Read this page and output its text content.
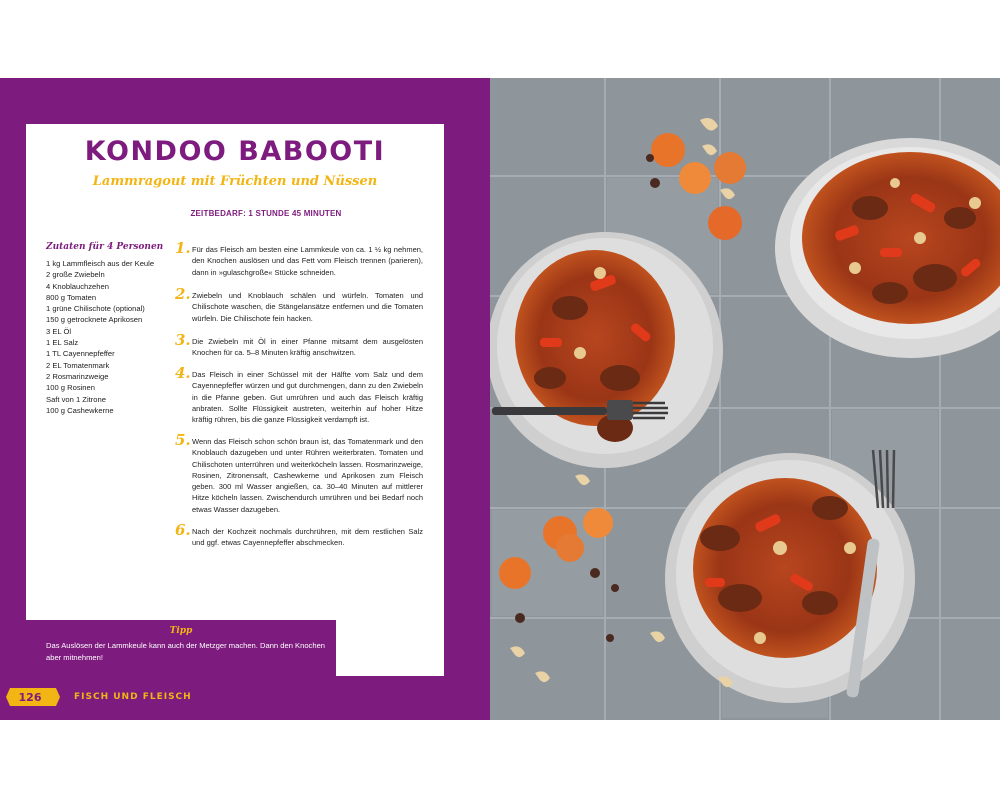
KONDOO BABOOTI
Lammragout mit Früchten und Nüssen
ZEITBEDARF: 1 STUNDE 45 MINUTEN
Zutaten für 4 Personen
1 kg Lammfleisch aus der Keule
2 große Zwiebeln
4 Knoblauchzehen
800 g Tomaten
1 grüne Chilischote (optional)
150 g getrocknete Aprikosen
3 EL Öl
1 EL Salz
1 TL Cayennepfeffer
2 EL Tomatenmark
2 Rosmarinzweige
100 g Rosinen
Saft von 1 Zitrone
100 g Cashewkerne
1. Für das Fleisch am besten eine Lammkeule von ca. 1 ½ kg nehmen, den Knochen auslösen und das Fett vom Fleisch trennen (parieren), dann in »gulaschgroße« Stücke schneiden.
2. Zwiebeln und Knoblauch schälen und würfeln. Tomaten und Chilischote waschen, die Stängelansätze entfernen und die Tomaten würfeln. Die Chilischote fein hacken.
3. Die Zwiebeln mit Öl in einer Pfanne mitsamt dem ausgelösten Knochen für ca. 5–8 Minuten kräftig anschwitzen.
4. Das Fleisch in einer Schüssel mit der Hälfte vom Salz und dem Cayennepfeffer würzen und gut durchmengen, dann zu den Zwiebeln in die Pfanne geben. Gut umrühren und auch das Fleisch kräftig anbraten. Sollte Flüssigkeit austreten, weiterhin auf hoher Hitze kräftig rühren, bis die ganze Flüssigkeit verdampft ist.
5. Wenn das Fleisch schon schön braun ist, das Tomatenmark und den Knoblauch dazugeben und unter Rühren weiterbraten. Tomaten und Chilischoten unterrühren und weiterköcheln lassen. Rosmarinzweige, Rosinen, Zitronensaft, Cashewkerne und Aprikosen zum Fleisch geben. 300 ml Wasser angießen, ca. 30–40 Minuten auf mittlerer Hitze köcheln lassen. Zwischendurch umrühren und bei Bedarf noch etwas Wasser dazugeben.
6. Nach der Kochzeit nochmals durchrühren, mit dem restlichen Salz und ggf. etwas Cayennepfeffer abschmecken.
Tipp
Das Auslösen der Lammkeule kann auch der Metzger machen. Dann den Knochen aber mitnehmen!
126	FISCH UND FLEISCH
